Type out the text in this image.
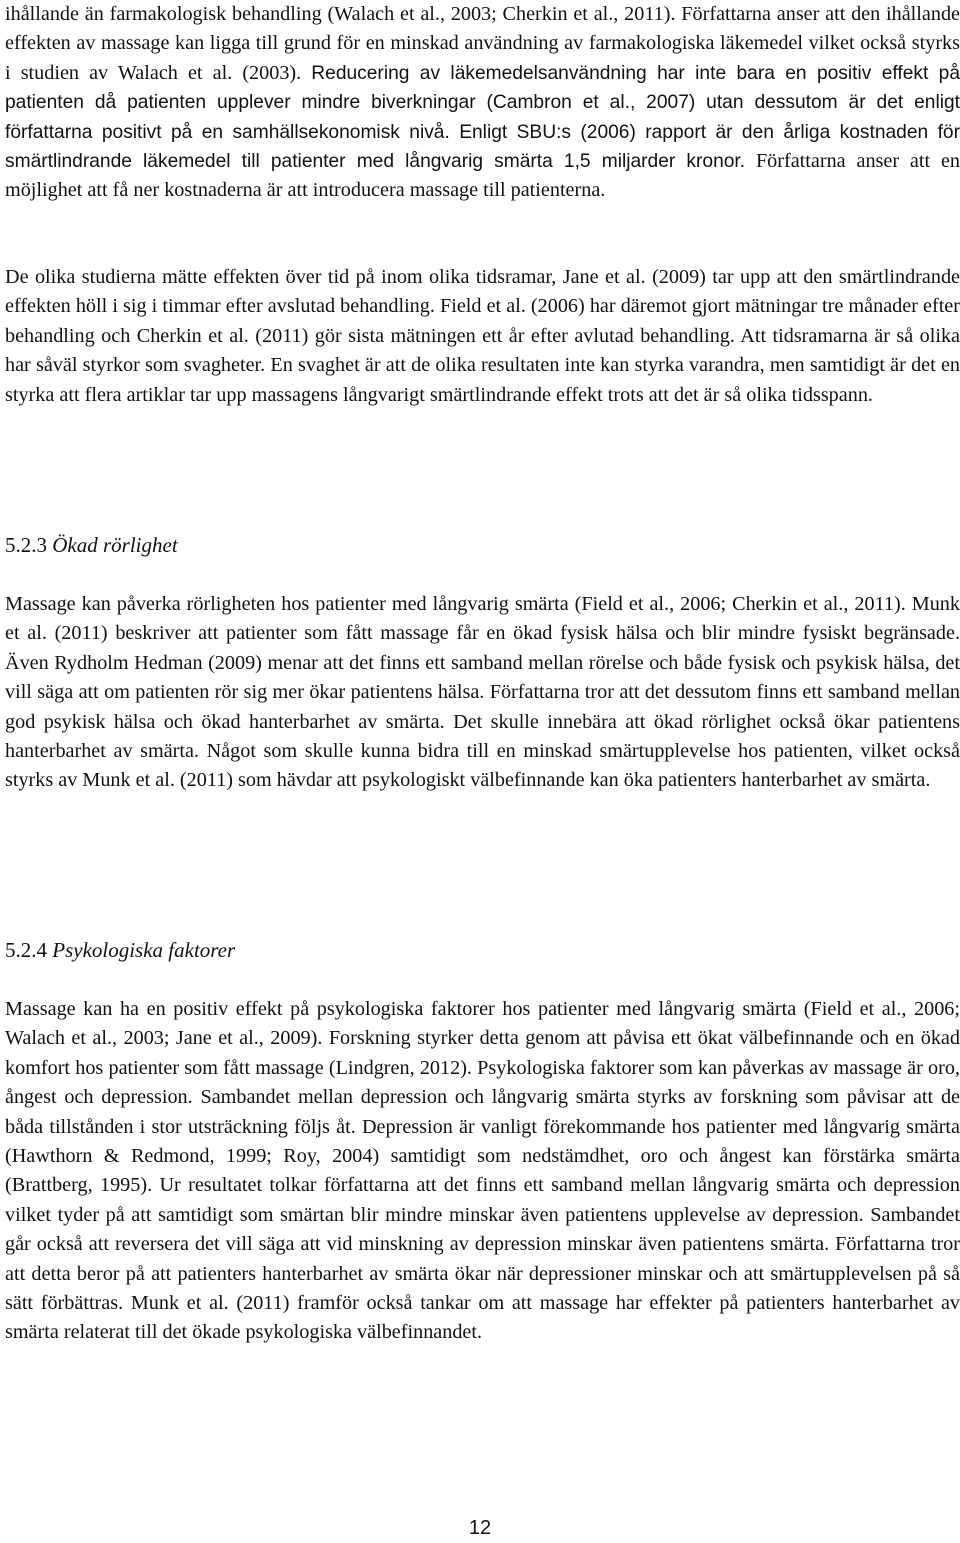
ihållande än farmakologisk behandling (Walach et al., 2003; Cherkin et al., 2011). Författarna anser att den ihållande effekten av massage kan ligga till grund för en minskad användning av farmakologiska läkemedel vilket också styrks i studien av Walach et al. (2003). Reducering av läkemedelsanvändning har inte bara en positiv effekt på patienten då patienten upplever mindre biverkningar (Cambron et al., 2007) utan dessutom är det enligt författarna positivt på en samhällsekonomisk nivå. Enligt SBU:s (2006) rapport är den årliga kostnaden för smärtlindrande läkemedel till patienter med långvarig smärta 1,5 miljarder kronor. Författarna anser att en möjlighet att få ner kostnaderna är att introducera massage till patienterna.

De olika studierna mätte effekten över tid på inom olika tidsramar, Jane et al. (2009) tar upp att den smärtlindrande effekten höll i sig i timmar efter avslutad behandling. Field et al. (2006) har däremot gjort mätningar tre månader efter behandling och Cherkin et al. (2011) gör sista mätningen ett år efter avlutad behandling. Att tidsramarna är så olika har såväl styrkor som svagheter. En svaghet är att de olika resultaten inte kan styrka varandra, men samtidigt är det en styrka att flera artiklar tar upp massagens långvarigt smärtlindrande effekt trots att det är så olika tidsspann.

5.2.3 Ökad rörlighet

Massage kan påverka rörligheten hos patienter med långvarig smärta (Field et al., 2006; Cherkin et al., 2011). Munk et al. (2011) beskriver att patienter som fått massage får en ökad fysisk hälsa och blir mindre fysiskt begränsade. Även Rydholm Hedman (2009) menar att det finns ett samband mellan rörelse och både fysisk och psykisk hälsa, det vill säga att om patienten rör sig mer ökar patientens hälsa. Författarna tror att det dessutom finns ett samband mellan god psykisk hälsa och ökad hanterbarhet av smärta. Det skulle innebära att ökad rörlighet också ökar patientens hanterbarhet av smärta. Något som skulle kunna bidra till en minskad smärtupplevelse hos patienten, vilket också styrks av Munk et al. (2011) som hävdar att psykologiskt välbefinnande kan öka patienters hanterbarhet av smärta.

5.2.4 Psykologiska faktorer

Massage kan ha en positiv effekt på psykologiska faktorer hos patienter med långvarig smärta (Field et al., 2006; Walach et al., 2003; Jane et al., 2009). Forskning styrker detta genom att påvisa ett ökat välbefinnande och en ökad komfort hos patienter som fått massage (Lindgren, 2012). Psykologiska faktorer som kan påverkas av massage är oro, ångest och depression. Sambandet mellan depression och långvarig smärta styrks av forskning som påvisar att de båda tillstånden i stor utsträckning följs åt. Depression är vanligt förekommande hos patienter med långvarig smärta (Hawthorn & Redmond, 1999; Roy, 2004) samtidigt som nedstämdhet, oro och ångest kan förstärka smärta (Brattberg, 1995). Ur resultatet tolkar författarna att det finns ett samband mellan långvarig smärta och depression vilket tyder på att samtidigt som smärtan blir mindre minskar även patientens upplevelse av depression. Sambandet går också att reversera det vill säga att vid minskning av depression minskar även patientens smärta. Författarna tror att detta beror på att patienters hanterbarhet av smärta ökar när depressioner minskar och att smärtupplevelsen på så sätt förbättras. Munk et al. (2011) framför också tankar om att massage har effekter på patienters hanterbarhet av smärta relaterat till det ökade psykologiska välbefinnandet.

12
